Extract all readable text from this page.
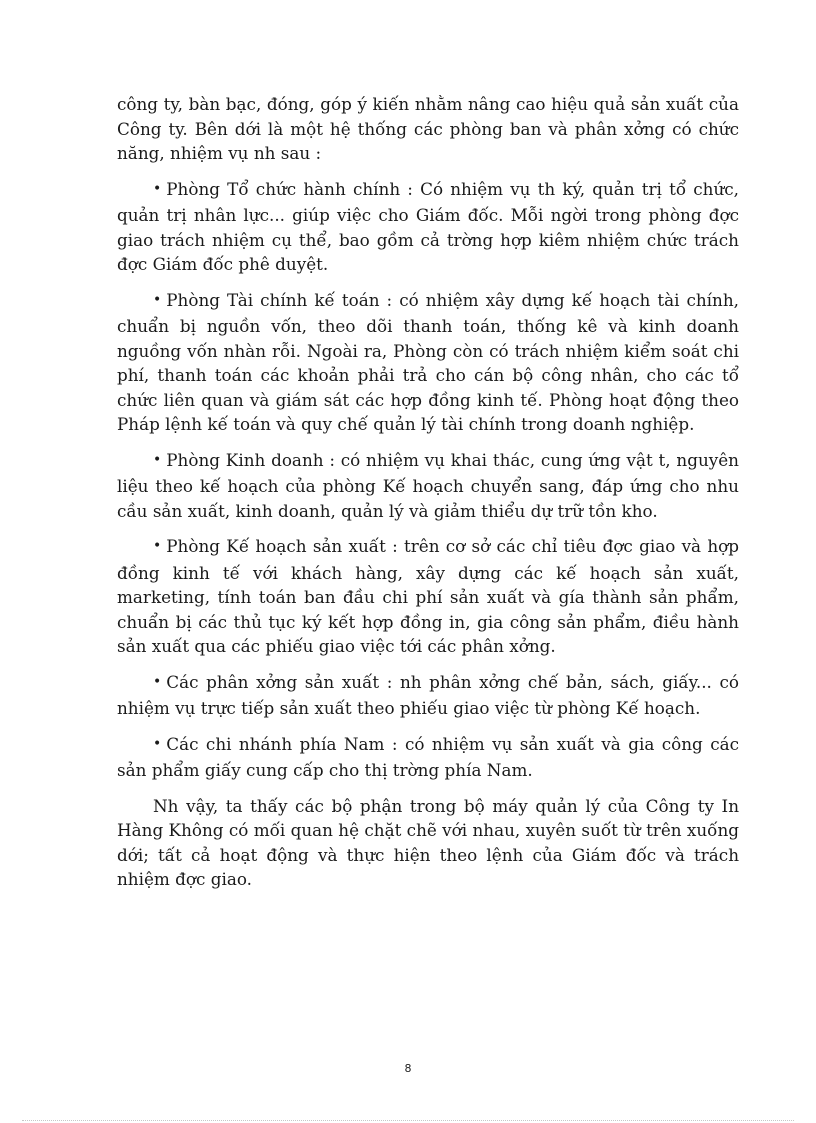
công ty, bàn bạc, đóng, góp ý kiến nhằm nâng cao hiệu quả sản xuất của Công ty. Bên dới là một hệ thống các phòng ban và phân xởng có chức năng, nhiệm vụ nh sau :

• Phòng Tổ chức hành chính : Có nhiệm vụ th ký, quản trị tổ chức, quản trị nhân lực... giúp việc cho Giám đốc. Mỗi ngời trong phòng đợc giao trách nhiệm cụ thể, bao gồm cả trờng hợp kiêm nhiệm chức trách đợc Giám đốc phê duyệt.

• Phòng Tài chính kế toán : có nhiệm xây dựng kế hoạch tài chính, chuẩn bị nguồn vốn, theo dõi thanh toán, thống kê và kinh doanh nguồng vốn nhàn rỗi. Ngoài ra, Phòng còn có trách nhiệm kiểm soát chi phí, thanh toán các khoản phải trả cho cán bộ công nhân, cho các tổ chức liên quan và giám sát các hợp đồng kinh tế. Phòng hoạt động theo Pháp lệnh kế toán và quy chế quản lý tài chính trong doanh nghiệp.

• Phòng Kinh doanh : có nhiệm vụ khai thác, cung ứng vật t, nguyên liệu theo kế hoạch của phòng Kế hoạch chuyển sang, đáp ứng cho nhu cầu sản xuất, kinh doanh, quản lý và giảm thiểu dự trữ tồn kho.

• Phòng Kế hoạch sản xuất : trên cơ sở các chỉ tiêu đợc giao và hợp đồng kinh tế với khách hàng, xây dựng các kế hoạch sản xuất, marketing, tính toán ban đầu chi phí sản xuất và gía thành sản phẩm, chuẩn bị các thủ tục ký kết hợp đồng in, gia công sản phẩm, điều hành sản xuất qua các phiếu giao việc tới các phân xởng.

• Các phân xởng sản xuất : nh phân xởng chế bản, sách, giấy... có nhiệm vụ trực tiếp sản xuất theo phiếu giao việc từ phòng Kế hoạch.

• Các chi nhánh phía Nam : có nhiệm vụ sản xuất và gia công các sản phẩm giấy cung cấp cho thị trờng phía Nam.

Nh vậy, ta thấy các bộ phận trong bộ máy quản lý của Công ty In Hàng Không có mối quan hệ chặt chẽ với nhau, xuyên suốt từ trên xuống dới; tất cả hoạt động và thực hiện theo lệnh của Giám đốc và trách nhiệm đợc giao.

8
